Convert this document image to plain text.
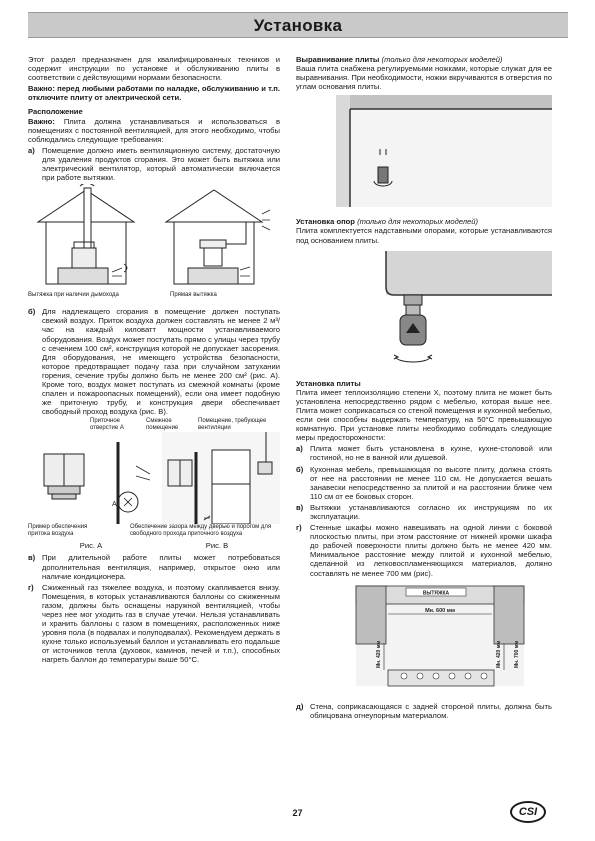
Установка

Этот раздел предназначен для квалифицированных техников и содержит инструкции по установке и обслуживанию плиты в соответствии с действующими нормами безопасности.

Важно: перед любыми работами по наладке, обслуживанию и т.п. отключите плиту от электрической сети.

Расположение

Важно: Плита должна устанавливаться и использоваться в помещениях с постоянной вентиляцией, для этого необходимо, чтобы соблюдались следующие требования:

а) Помещение должно иметь вентиляционную систему, достаточную для удаления продуктов сгорания. Это может быть вытяжка или электрический вентилятор, который автоматически включается при работе вытяжки.
Вытяжка при наличии дымохода	Прямая вытяжка
б) Для надлежащего сгорания в помещение должен поступать свежий воздух. Приток воздуха должен составлять не менее 2 м³/час на каждый киловатт мощности устанавливаемого оборудования. Воздух может поступать прямо с улицы через трубу с сечением 100 см², конструкция которой не допускает засорения. Для оборудования, не имеющего устройства безопасности, которое предотвращает подачу газа при случайном затухании горения, сечение трубы должно быть не менее 200 см² (рис. А). Кроме того, воздух может поступать из смежной комнаты (кроме спален и пожароопасных помещений), если она имеет подобную же приточную трубу, и конструкция двери обеспечивает свободный проход воздуха (рис. В).
Приточное отверстие А
Смежное помещение
Помещение, требующее вентиляции
A
Пример обеспечения притока воздуха
Обеспечение зазора между дверью и порогом для свободного прохода приточного воздуха
Рис. А	Рис. В
в) При длительной работе плиты может потребоваться дополнительная вентиляция, например, открытое окно или наличие кондиционера.
г)	Сжиженный газ тяжелее воздуха, и поэтому скапливается внизу. Помещения, в которых устанавливаются баллоны со сжиженным газом, должны быть оснащены наружной вентиляцией, чтобы через нее мог уходить газ в случае утечки. Нельзя устанавливать и хранить баллоны с газом в помещениях, расположенных ниже уровня пола (в подвалах и полуподвалах). Рекомендуем держать в кухне только используемый баллон и устанавливать его подальше от источников тепла (духовок, каминов, печей и т.п.), способных нагреть баллон до температуры выше 50°C.

Выравнивание плиты (только для некоторых моделей)

Ваша плита снабжена регулируемыми ножками, которые служат для ее выравнивания. При необходимости, ножки вкручиваются в отверстия по углам основания плиты.

Установка опор (только для некоторых моделей)

Плита комплектуется надставными опорами, которые устанавливаются под основанием плиты.

Установка плиты

Плита имеет теплоизоляцию степени X, поэтому плита не может быть установлена непосредственно рядом с мебелью, которая выше нее. Плита может соприкасаться со стеной помещения и кухонной мебелью, если они способны выдержать температуру, на 50°C превышающую комнатную. При установке плиты необходимо соблюдать следующие меры предосторожности:

а) Плита может быть установлена в кухне, кухне-столовой или гостиной, но не в ванной или душевой.
б) Кухонная мебель, превышающая по высоте плиту, должна стоять от нее на расстоянии не менее 110 см. Не допускается вешать занавески непосредственно за плитой и на расстоянии ближе чем 110 см от ее боковых сторон.
в) Вытяжки устанавливаются согласно их инструкциям по их эксплуатации.
г)	Стенные шкафы можно навешивать на одной линии с боковой плоскостью плиты, при этом расстояние от нижней кромки шкафа до рабочей поверхности плиты должно быть не менее 420 мм. Минимальное расстояние между плитой и кухонной мебелью, сделанной из легковоспламеняющихся материалов, должно составлять не менее 700 мм (рис).
ВЫТЯЖКА
Мн. 600 мм
Мн. 420 мм	Мн. 420 мм Мн. 700 мм
д) Стена, соприкасающаяся с задней стороной плиты, должна быть облицована огнеупорным материалом.
27	CSI
